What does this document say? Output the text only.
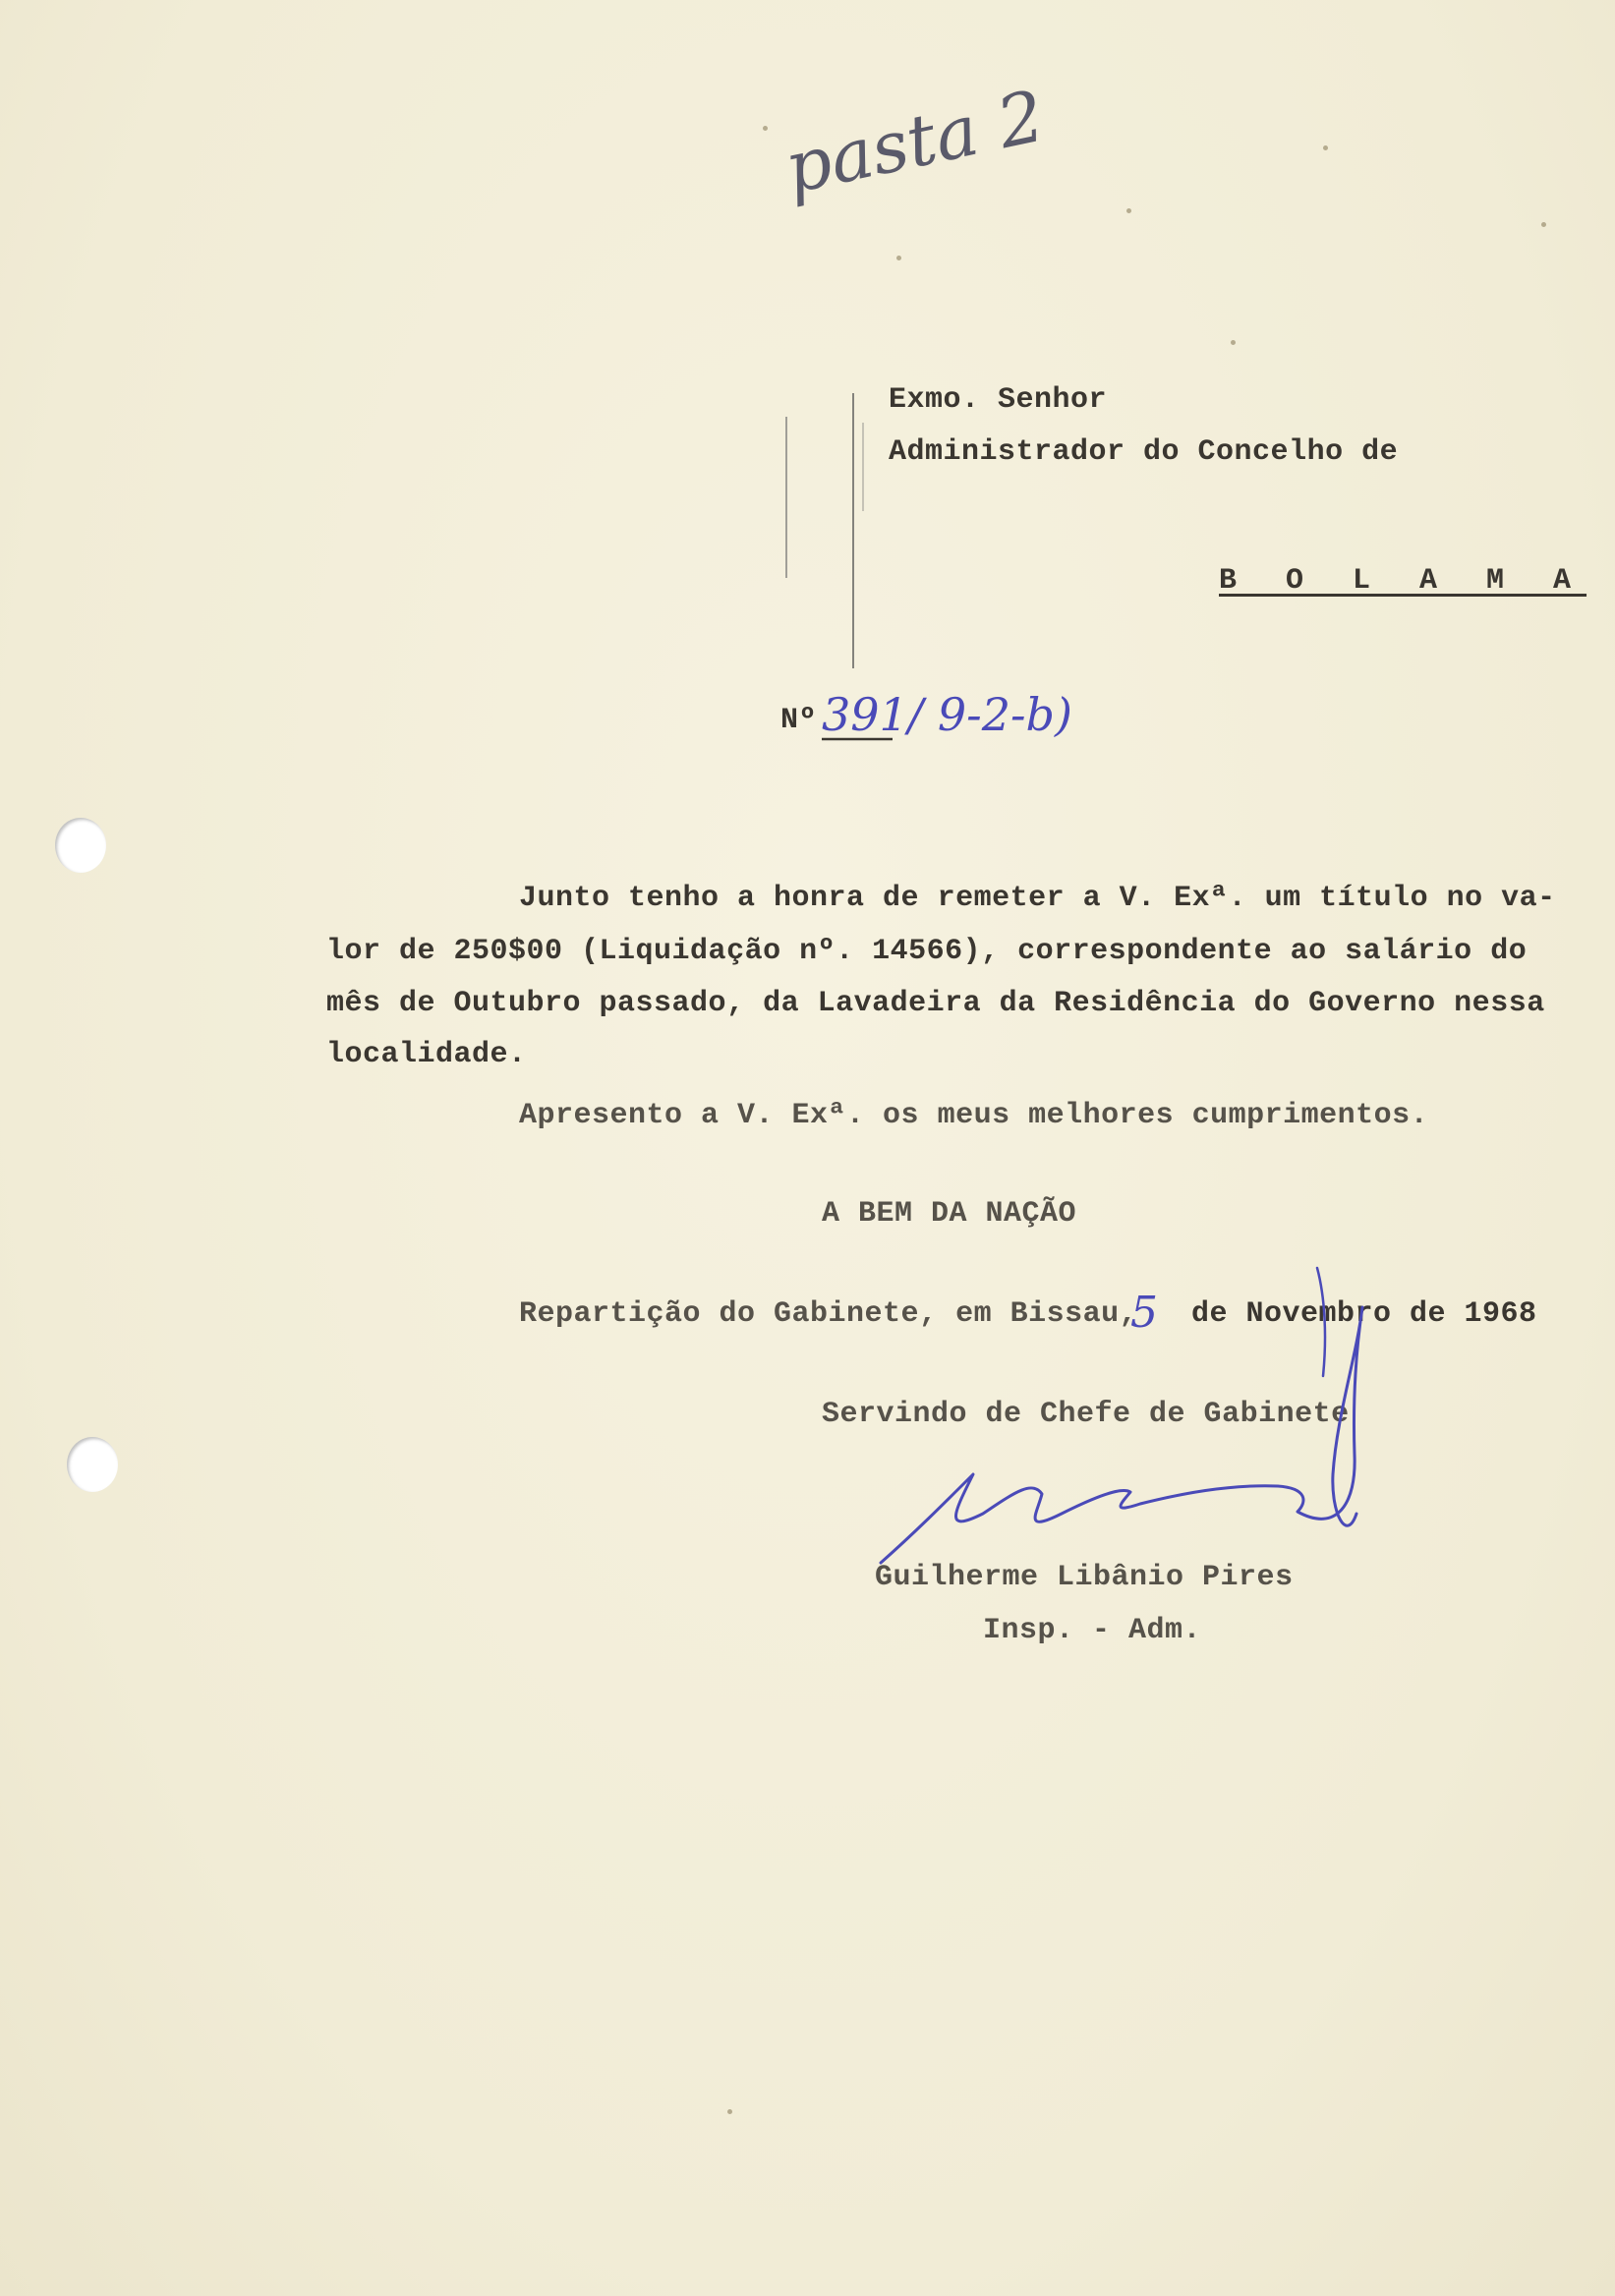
pasta 2
Exmo. Senhor
Administrador do Concelho de
B O L A M A
Nº 391/ 9-2-b)
Junto tenho a honra de remeter a V. Exª. um título no va-
lor de 250$00 (Liquidação nº. 14566), correspondente ao salário do
mês de Outubro passado, da Lavadeira da Residência do Governo nessa
localidade.
Apresento a V. Exª. os meus melhores cumprimentos.
A BEM DA NAÇÃO
Repartição do Gabinete, em Bissau,
5 de Novembro de 1968
Servindo de Chefe de Gabinete
Guilherme Libânio Pires
Insp. - Adm.
